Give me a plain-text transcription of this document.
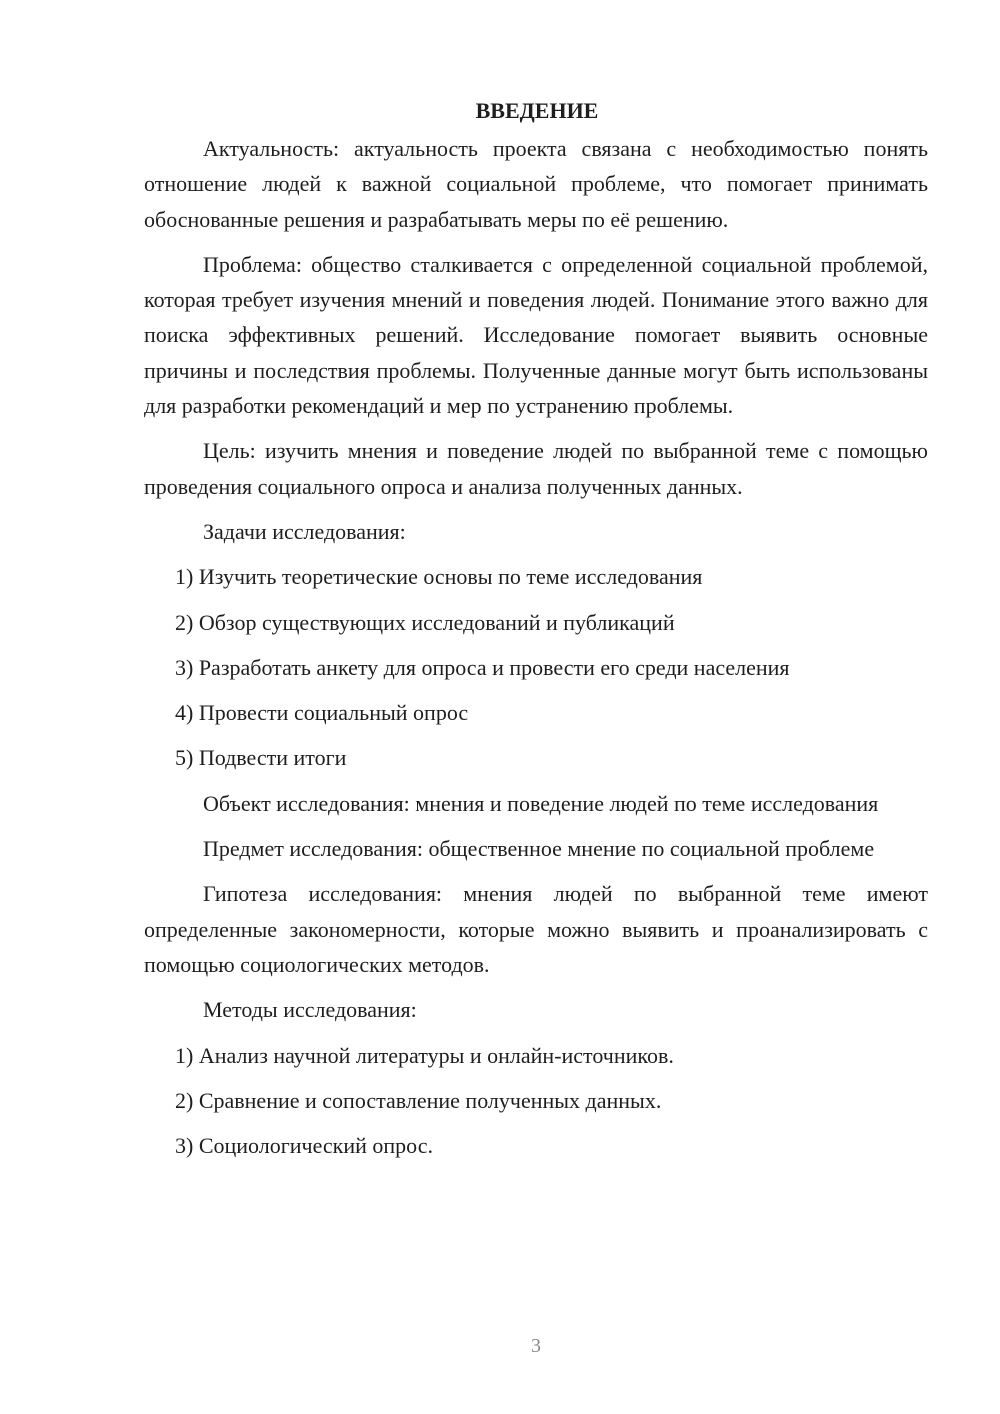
ВВЕДЕНИЕ

Актуальность: актуальность проекта связана с необходимостью понять отношение людей к важной социальной проблеме, что помогает принимать обоснованные решения и разрабатывать меры по её решению.

Проблема: общество сталкивается с определенной социальной проблемой, которая требует изучения мнений и поведения людей. Понимание этого важно для поиска эффективных решений. Исследование помогает выявить основные причины и последствия проблемы. Полученные данные могут быть использованы для разработки рекомендаций и мер по устранению проблемы.

Цель: изучить мнения и поведение людей по выбранной теме с помощью проведения социального опроса и анализа полученных данных.

Задачи исследования:

1) Изучить теоретические основы по теме исследования
2) Обзор существующих исследований и публикаций
3) Разработать анкету для опроса и провести его среди населения
4) Провести социальный опрос
5) Подвести итоги

Объект исследования: мнения и поведение людей по теме исследования

Предмет исследования: общественное мнение по социальной проблеме

Гипотеза исследования: мнения людей по выбранной теме имеют определенные закономерности, которые можно выявить и проанализировать с помощью социологических методов.

Методы исследования:

1) Анализ научной литературы и онлайн-источников.
2) Сравнение и сопоставление полученных данных.
3) Социологический опрос.
3
